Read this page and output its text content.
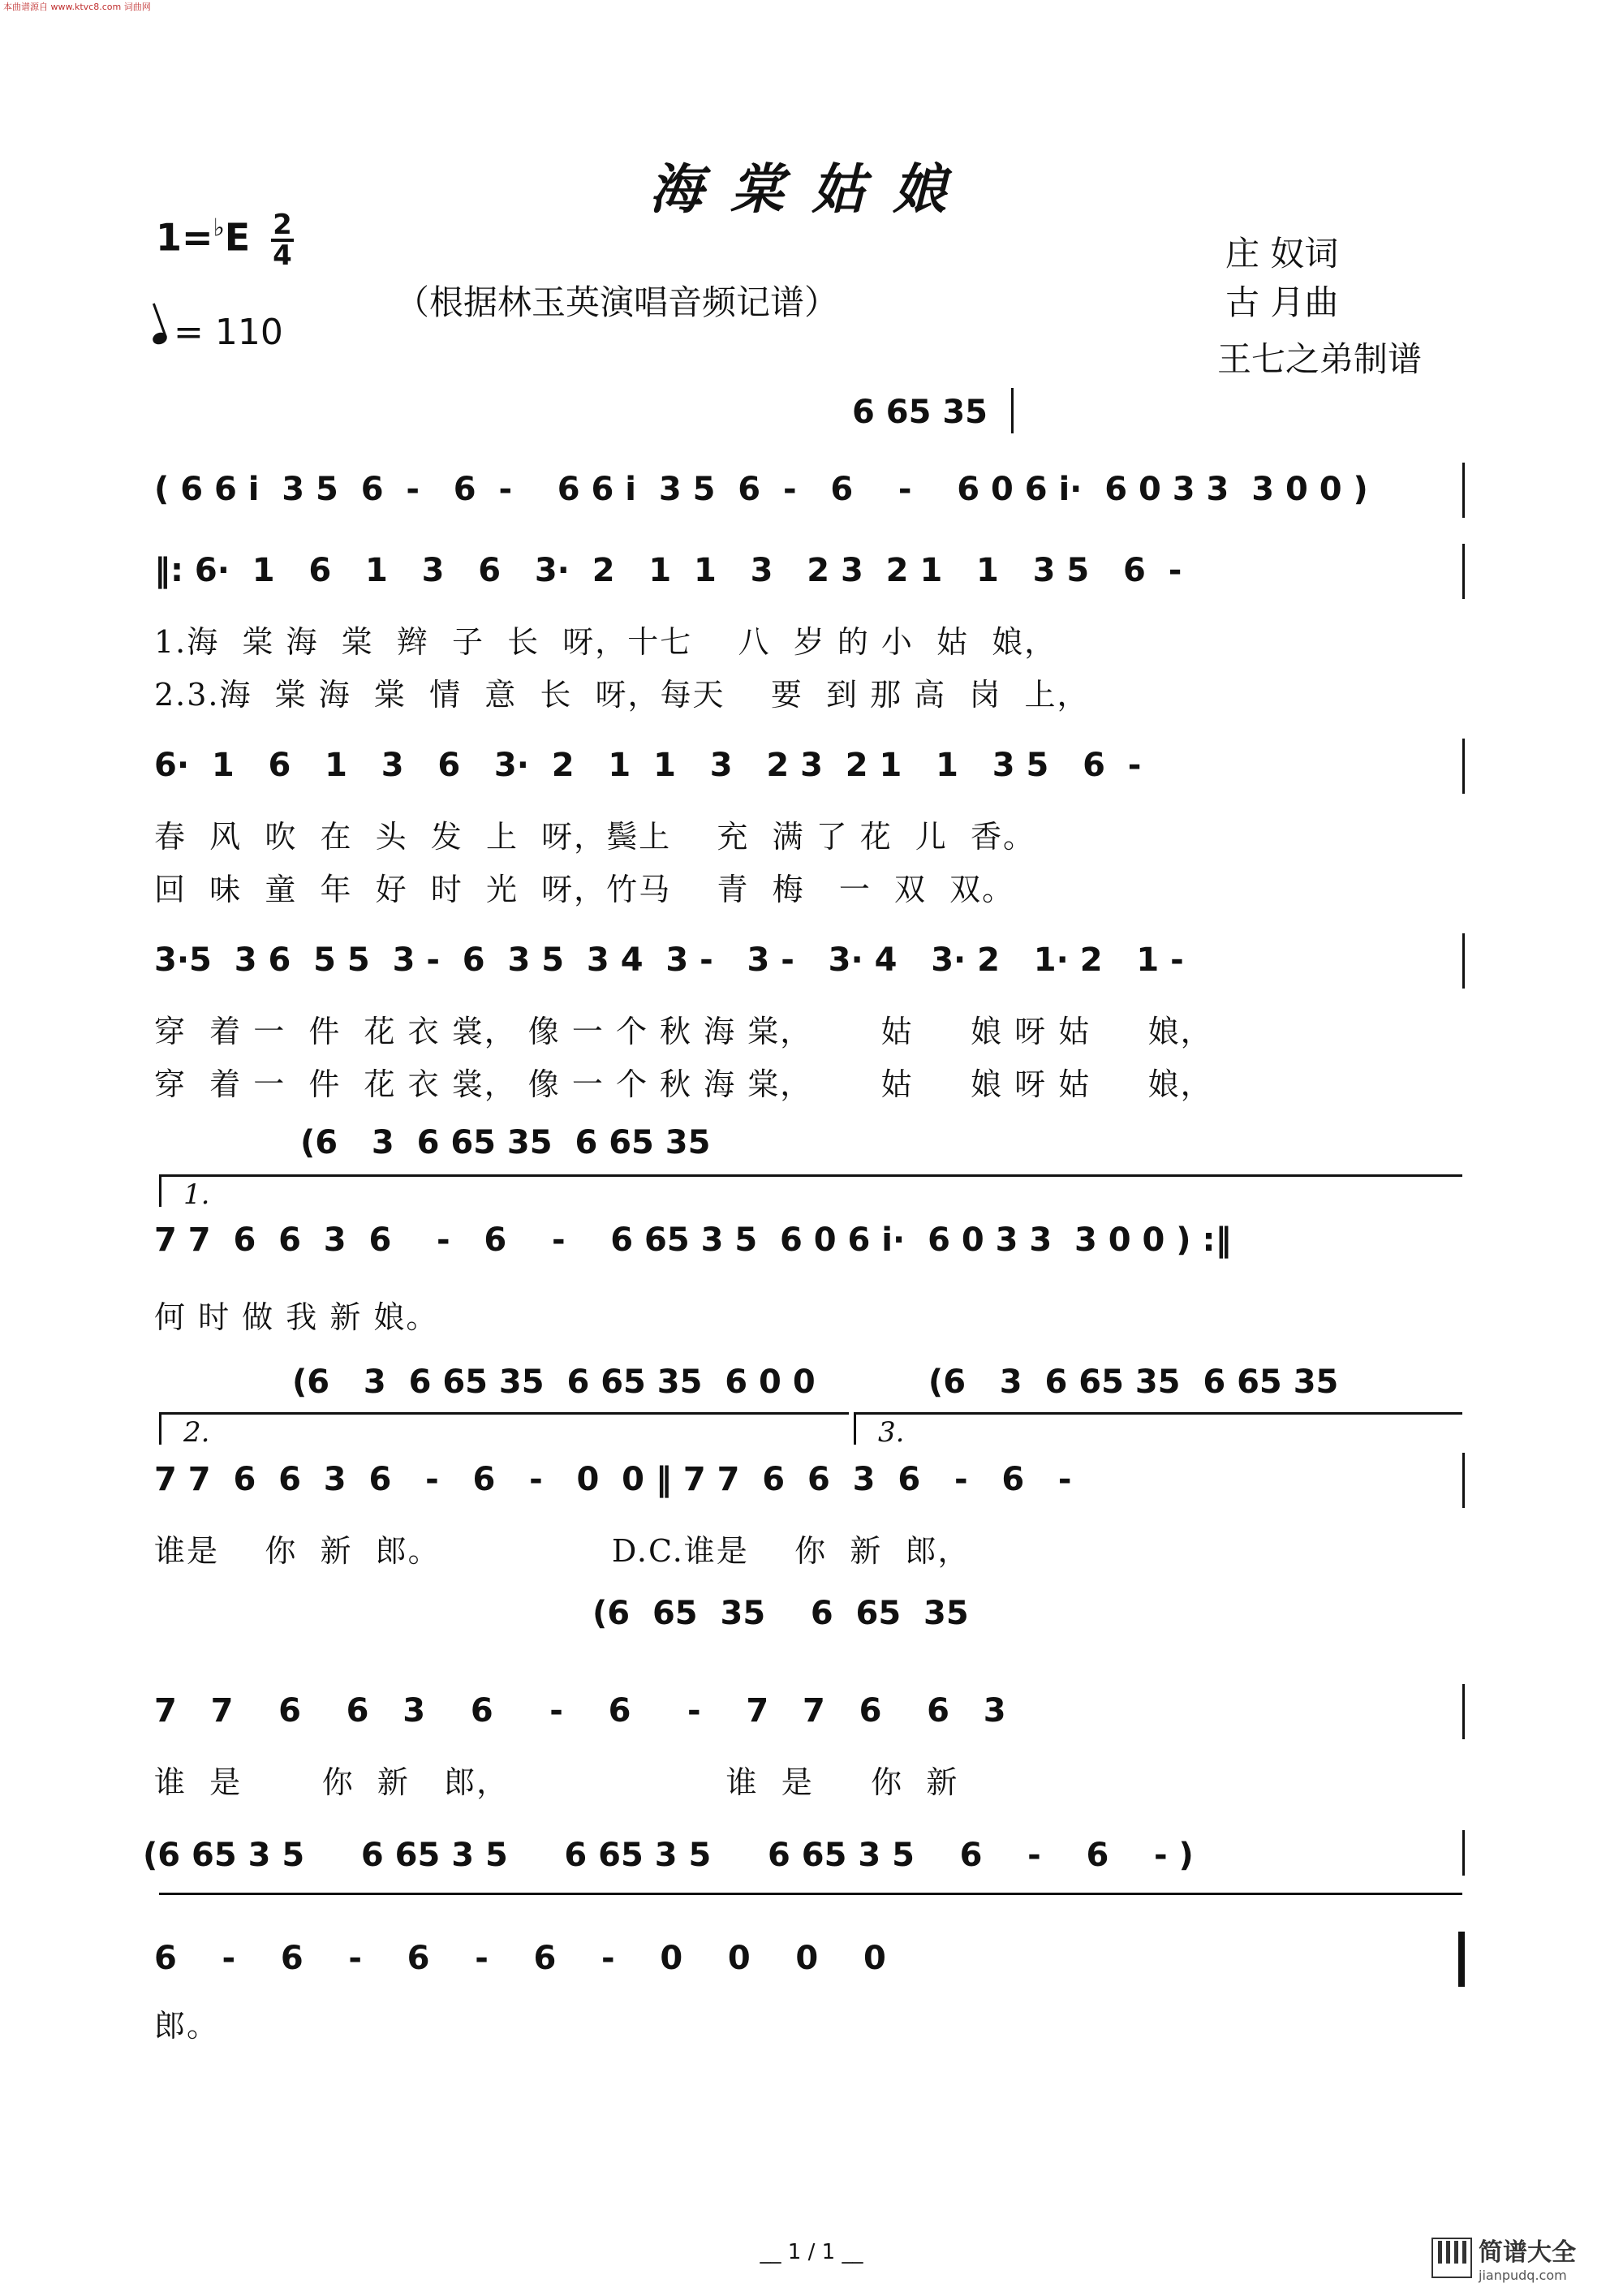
本曲谱源自 www.ktvc8.com 词曲网
海棠姑娘
$1=^♭E \frac{2}{4}$
= 110
（根据林玉英演唱音频记谱）
庄 奴词
古 月曲
王七之弟制谱
6 65 35
( 6 6 i  3 5  6  -   6  -    6 6 i  3 5  6  -   6    -    6 0 6 i·  6 0 3 3  3 0 0 )
‖: 6·  1   6   1   3   6   3·  2   1  1   3   2 3  2 1   1   3 5   6  -
1.海  棠 海  棠  辫  子  长  呀，十七    八  岁 的 小  姑  娘，
2.3.海  棠 海  棠  情  意  长  呀，每天    要  到 那 高  岗  上，
6·  1   6   1   3   6   3·  2   1  1   3   2 3  2 1   1   3 5   6  -
春  风  吹  在  头  发  上  呀，鬓上    充  满 了 花  儿  香。
回  味  童  年  好  时  光  呀，竹马    青  梅   一  双  双。
3·5  3 6  5 5  3 -  6  3 5  3 4  3 -   3 -   3· 4   3· 2   1· 2   1 -
穿  着 一  件  花 衣 裳， 像 一 个 秋 海 棠，      姑     娘 呀 姑     娘，
穿  着 一  件  花 衣 裳， 像 一 个 秋 海 棠，      姑     娘 呀 姑     娘，
(6   3  6 65 35  6 65 35
1.
7 7  6  6  3  6    -   6    -    6 65 3 5  6 0 6 i·  6 0 3 3  3 0 0 ) :‖
何 时 做 我 新 娘。
(6   3  6 65 35  6 65 35  6 0 0          (6   3  6 65 35  6 65 35
2.	3.
7 7  6  6  3  6   -   6   -   0  0 ‖ 7 7  6  6  3  6   -   6   -
谁是    你  新  郎。               D.C.谁是    你  新  郎，
(6  65  35    6  65  35
7   7    6    6   3    6     -    6     -    7   7   6    6   3
谁  是       你  新   郎，                   谁  是     你  新
(6 65 3 5     6 65 3 5     6 65 3 5     6 65 3 5    6    -    6    - )
6    -    6    -    6    -    6    -    0    0    0    0
郎。
__ 1 / 1 __	简谱大全
jianpudq.com
